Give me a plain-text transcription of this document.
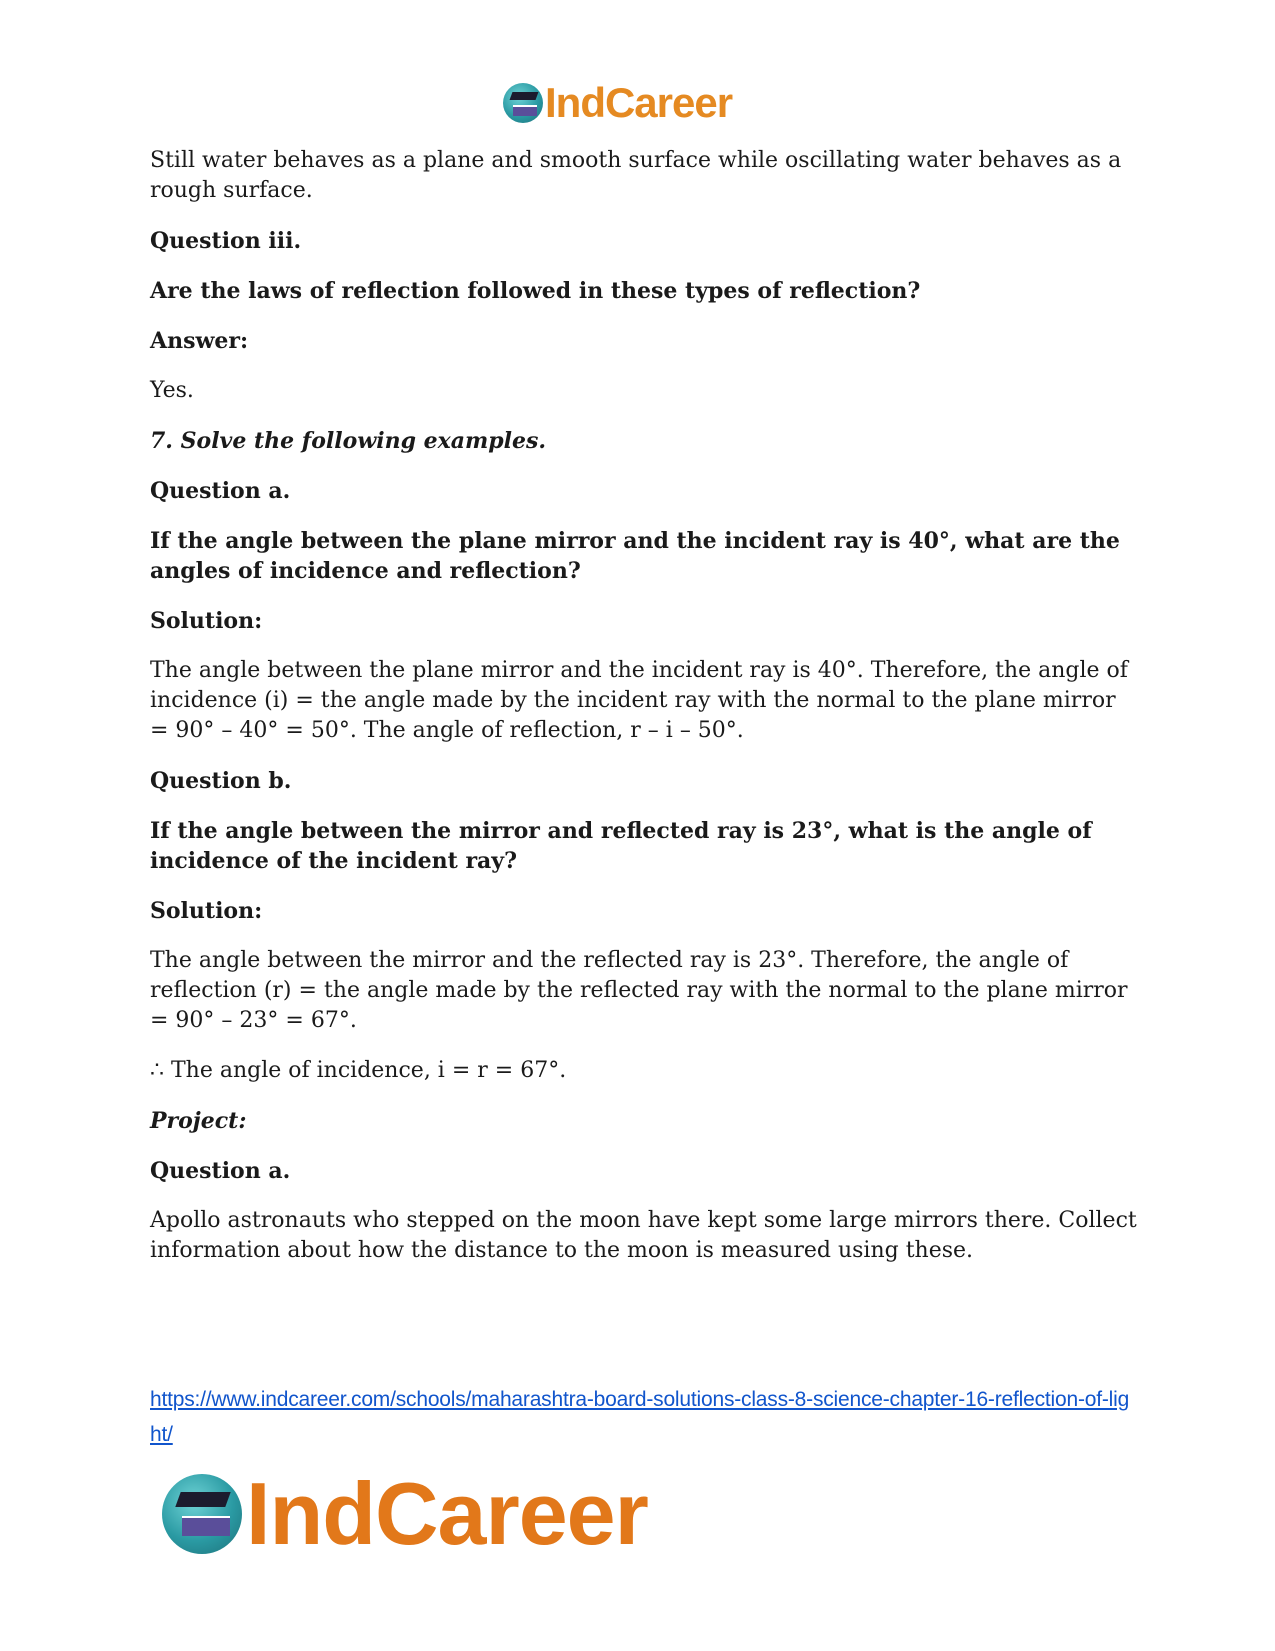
IndCareer

Still water behaves as a plane and smooth surface while oscillating water behaves as a rough surface.

Question iii.

Are the laws of reflection followed in these types of reflection?

Answer:

Yes.

7. Solve the following examples.

Question a.

If the angle between the plane mirror and the incident ray is 40°, what are the angles of incidence and reflection?

Solution:

The angle between the plane mirror and the incident ray is 40°. Therefore, the angle of incidence (i) = the angle made by the incident ray with the normal to the plane mirror = 90° – 40° = 50°. The angle of reflection, r – i – 50°.

Question b.

If the angle between the mirror and reflected ray is 23°, what is the angle of incidence of the incident ray?

Solution:

The angle between the mirror and the reflected ray is 23°. Therefore, the angle of reflection (r) = the angle made by the reflected ray with the normal to the plane mirror = 90° – 23° = 67°.

∴ The angle of incidence, i = r = 67°.

Project:

Question a.

Apollo astronauts who stepped on the moon have kept some large mirrors there. Collect information about how the distance to the moon is measured using these.

https://www.indcareer.com/schools/maharashtra-board-solutions-class-8-science-chapter-16-reflection-of-light/
IndCareer
